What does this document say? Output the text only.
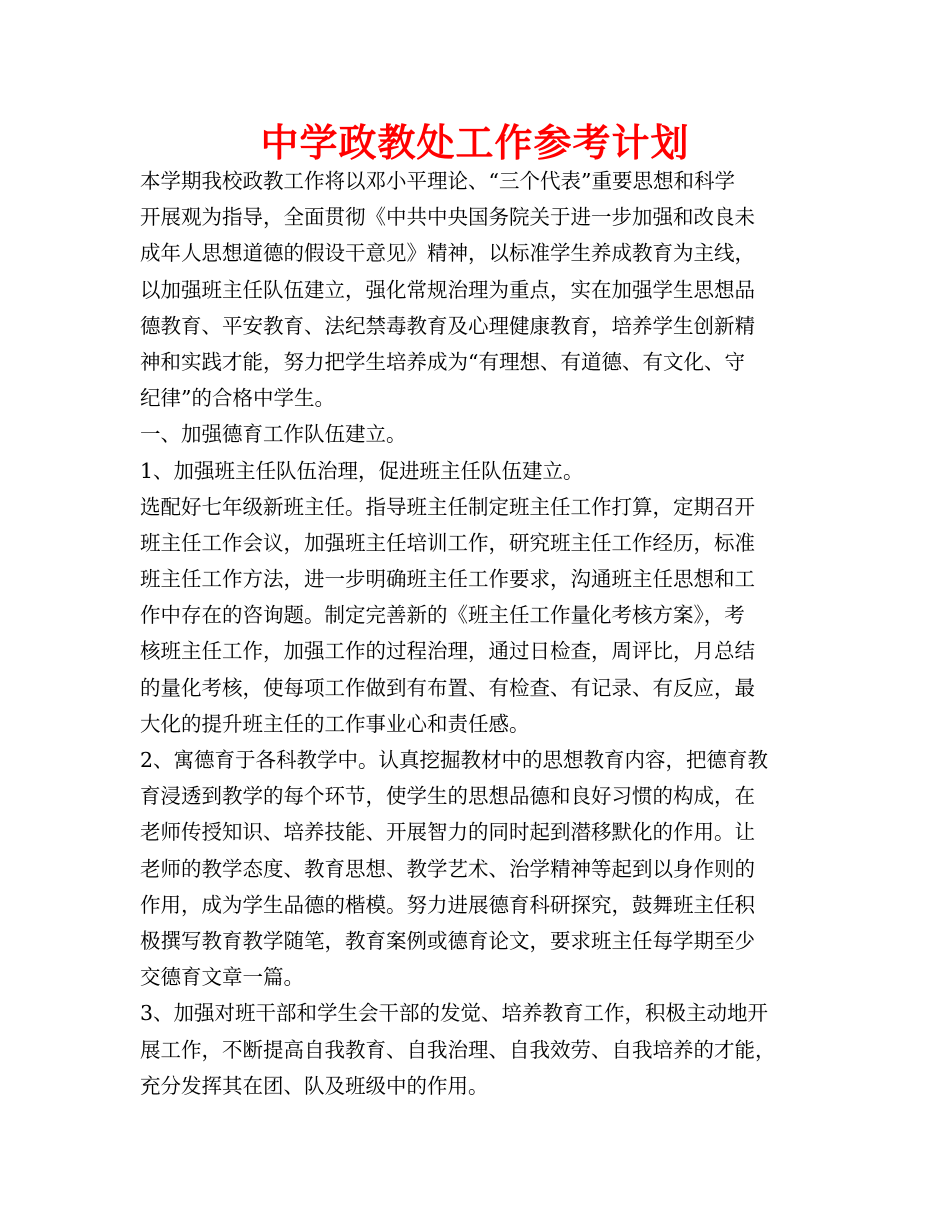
中学政教处工作参考计划
本学期我校政教工作将以邓小平理论、“三个代表”重要思想和科学
开展观为指导，全面贯彻《中共中央国务院关于进一步加强和改良未
成年人思想道德的假设干意见》精神，以标准学生养成教育为主线，
以加强班主任队伍建立，强化常规治理为重点，实在加强学生思想品
德教育、平安教育、法纪禁毒教育及心理健康教育，培养学生创新精
神和实践才能，努力把学生培养成为“有理想、有道德、有文化、守
纪律”的合格中学生。
一、加强德育工作队伍建立。
1、加强班主任队伍治理，促进班主任队伍建立。
选配好七年级新班主任。指导班主任制定班主任工作打算，定期召开
班主任工作会议，加强班主任培训工作，研究班主任工作经历，标准
班主任工作方法，进一步明确班主任工作要求，沟通班主任思想和工
作中存在的咨询题。制定完善新的《班主任工作量化考核方案》，考
核班主任工作，加强工作的过程治理，通过日检查，周评比，月总结
的量化考核，使每项工作做到有布置、有检查、有记录、有反应，最
大化的提升班主任的工作事业心和责任感。
2、寓德育于各科教学中。认真挖掘教材中的思想教育内容，把德育教
育浸透到教学的每个环节，使学生的思想品德和良好习惯的构成，在
老师传授知识、培养技能、开展智力的同时起到潜移默化的作用。让
老师的教学态度、教育思想、教学艺术、治学精神等起到以身作则的
作用，成为学生品德的楷模。努力进展德育科研探究，鼓舞班主任积
极撰写教育教学随笔，教育案例或德育论文，要求班主任每学期至少
交德育文章一篇。
3、加强对班干部和学生会干部的发觉、培养教育工作，积极主动地开
展工作，不断提高自我教育、自我治理、自我效劳、自我培养的才能，
充分发挥其在团、队及班级中的作用。
